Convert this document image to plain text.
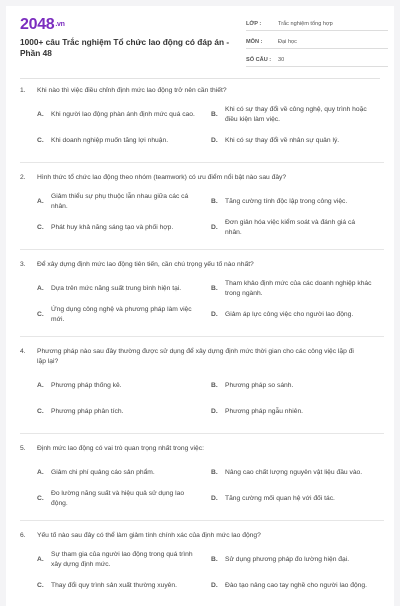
2048.vn
1000+ câu Trắc nghiệm Tổ chức lao động có đáp án - Phần 48
LỚP :	Trắc nghiệm tổng hợp
MÔN :	Đại học
SỐ CÂU :	30
1.	Khi nào thì việc điều chỉnh định mức lao động trở nên cần thiết?
A.	Khi người lao động phàn ánh định mức quá cao.	B.
Khi có sự thay đổi về công nghệ, quy trình hoặc điều kiện làm việc.
C.	Khi doanh nghiệp muốn tăng lợi nhuận.	D.	Khi có sự thay đổi về nhân sự quản lý.
2.	Hình thức tổ chức lao động theo nhóm (teamwork) có ưu điểm nổi bật nào sau đây?
A.
Giảm thiểu sự phụ thuộc lẫn nhau giữa các cá nhân.
B.	Tăng cường tính độc lập trong công việc.
C.	Phát huy khả năng sáng tạo và phối hợp.	D.
Đơn giản hóa việc kiểm soát và đánh giá cá nhân.
3.	Để xây dựng định mức lao động tiên tiến, cần chú trọng yếu tố nào nhất?
A.	Dựa trên mức năng suất trung bình hiện tại.	B.
Tham khảo định mức của các doanh nghiệp khác trong ngành.
C.
Ứng dụng công nghệ và phương pháp làm việc mới.
D.	Giảm áp lực công việc cho người lao động.
4.	Phương pháp nào sau đây thường được sử dụng để xây dựng định mức thời gian cho các công việc lặp đi lặp lại?
A.	Phương pháp thống kê.	B.	Phương pháp so sánh.
C.	Phương pháp phân tích.	D.	Phương pháp ngẫu nhiên.
5.	Định mức lao động có vai trò quan trọng nhất trong việc:
A.	Giảm chi phí quảng cáo sản phẩm.	B.	Nâng cao chất lượng nguyên vật liệu đầu vào.
C.
Đo lường năng suất và hiệu quả sử dụng lao động.
D.	Tăng cường mối quan hệ với đối tác.
6.	Yếu tố nào sau đây có thể làm giảm tính chính xác của định mức lao động?
A.
Sự tham gia của người lao động trong quá trình xây dựng định mức.
B.	Sử dụng phương pháp đo lường hiện đại.
C.	Thay đổi quy trình sản xuất thường xuyên.	D.	Đào tạo nâng cao tay nghề cho người lao động.
